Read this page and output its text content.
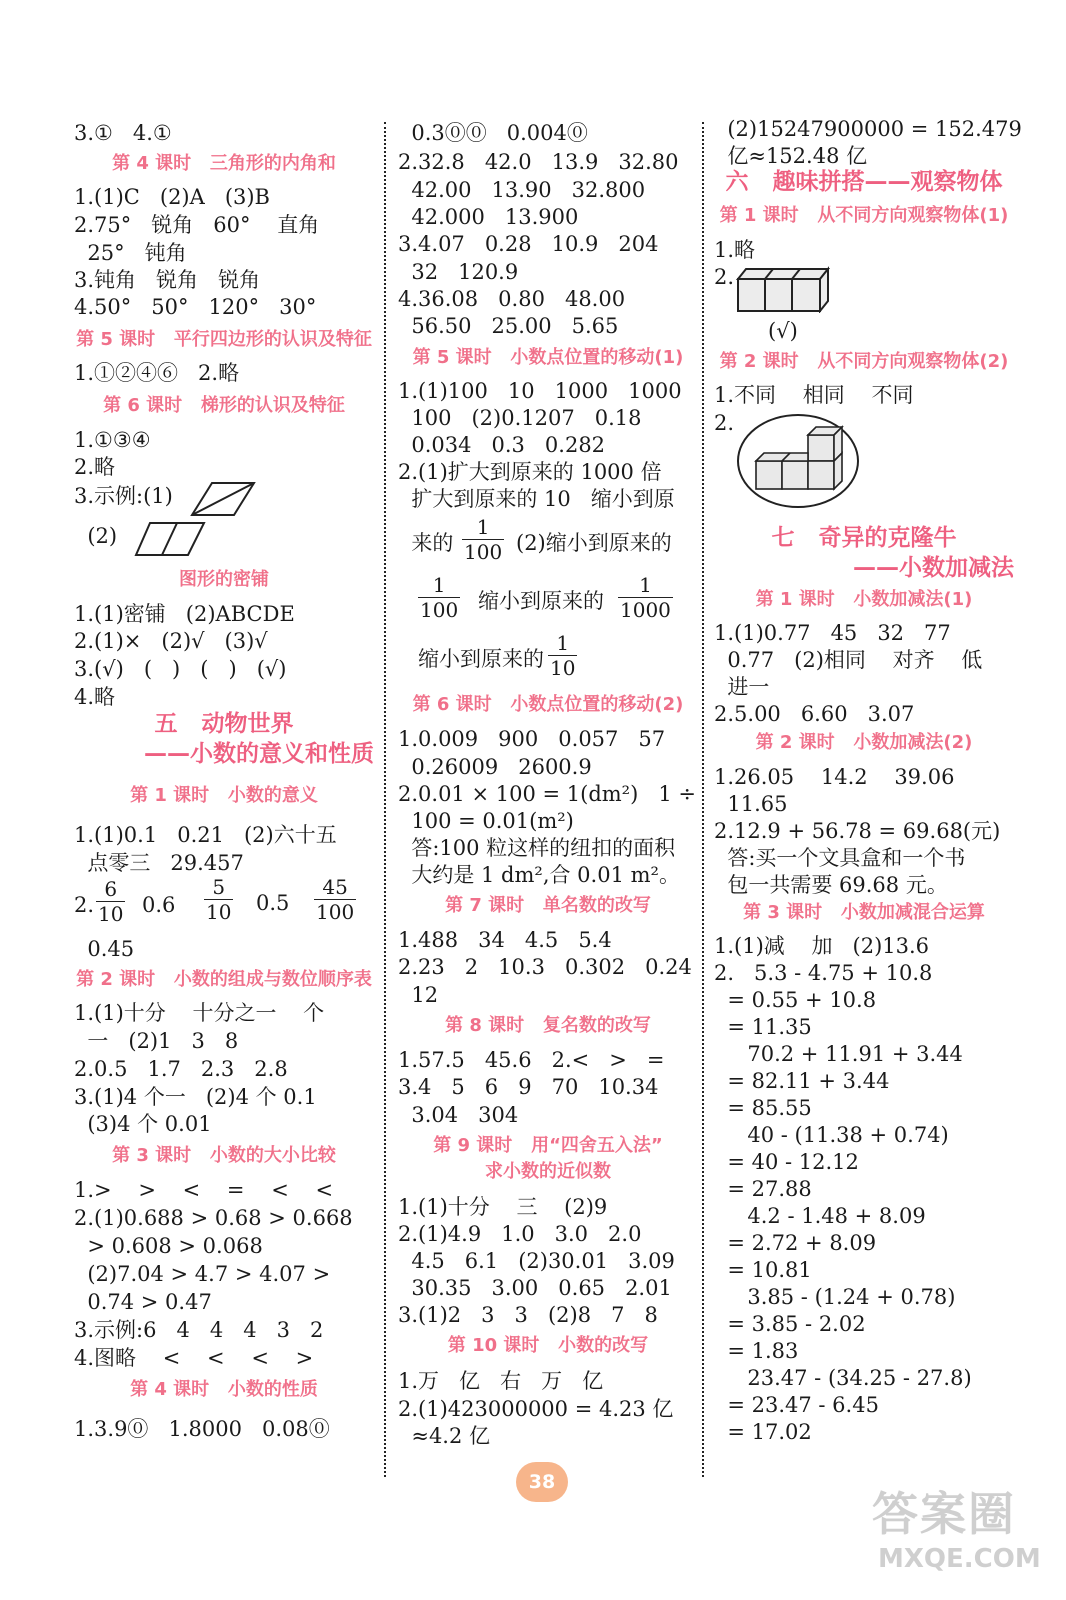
3.①   4.①
第 4 课时   三角形的内角和
1.(1)C   (2)A   (3)B
2.75°   锐角   60°    直角
25°   钝角
3.钝角   锐角   锐角
4.50°   50°   120°   30°
第 5 课时   平行四边形的认识及特征
1.①②④⑥   2.略
第 6 课时   梯形的认识及特征
1.①③④
2.略
3.示例:(1)
(2)
图形的密铺
1.(1)密铺   (2)ABCDE
2.(1)×   (2)√   (3)√
3.(√)   (   )   (   )   (√)
4.略
五   动物世界
——小数的意义和性质
第 1 课时   小数的意义
1.(1)0.1   0.21   (2)六十五
点零三   29.457
2. $\frac{6}{10} 0.6 \frac{5}{10} 0.5 \frac{45}{100}$
0.45
第 2 课时   小数的组成与数位顺序表
1.(1)十分    十分之一    个
一   (2)1   3   8
2.0.5   1.7   2.3   2.8
3.(1)4 个一   (2)4 个 0.1
(3)4 个 0.01
第 3 课时   小数的大小比较
1.>    >    <    =    <    <
2.(1)0.688 > 0.68 > 0.668
> 0.608 > 0.068
(2)7.04 > 4.7 > 4.07 >
0.74 > 0.47
3.示例:6   4   4   4   3   2
4.图略    <    <    <    >
第 4 课时   小数的性质
1.3.9⓪   1.8000   0.08⓪
0.3⓪⓪   0.004⓪
2.32.8   42.0   13.9   32.80
42.00   13.90   32.800
42.000   13.900
3.4.07   0.28   10.9   204
32   120.9
4.36.08   0.80   48.00
56.50   25.00   5.65
第 5 课时   小数点位置的移动(1)
1.(1)100   10   1000   1000
100   (2)0.1207   0.18
0.034   0.3   0.282
2.(1)扩大到原来的 1000 倍
扩大到原来的 10   缩小到原
来的 $\frac{1}{100} (2)$缩小到原来的
$\frac{1}{100}$ 缩小到原来的 $\frac{1}{1000}$
缩小到原来的 $\frac{1}{10}$
第 6 课时   小数点位置的移动(2)
1.0.009   900   0.057   57
0.26009   2600.9
2.0.01 × 100 = 1(dm²)   1 ÷
100 = 0.01(m²)
答:100 粒这样的纽扣的面积
大约是 1 dm²,合 0.01 m²。
第 7 课时   单名数的改写
1.488   34   4.5   5.4
2.23   2   10.3   0.302   0.24
12
第 8 课时   复名数的改写
1.57.5   45.6   2.<   >   =
3.4   5   6   9   70   10.34
3.04   304
第 9 课时   用“四舍五入法”
求小数的近似数
1.(1)十分    三    (2)9
2.(1)4.9   1.0   3.0   2.0
4.5   6.1   (2)30.01   3.09
30.35   3.00   0.65   2.01
3.(1)2   3   3   (2)8   7   8
第 10 课时   小数的改写
1.万   亿   右   万   亿
2.(1)423000000 = 4.23 亿
≈4.2 亿
(2)15247900000 = 152.479
亿≈152.48 亿
六   趣味拼搭——观察物体
第 1 课时   从不同方向观察物体(1)
1.略
2.
(√)
第 2 课时   从不同方向观察物体(2)
1.不同    相同    不同
2.
七   奇异的克隆牛
——小数加减法
第 1 课时   小数加减法(1)
1.(1)0.77   45   32   77
0.77   (2)相同    对齐    低
进一
2.5.00   6.60   3.07
第 2 课时   小数加减法(2)
1.26.05    14.2    39.06
11.65
2.12.9 + 56.78 = 69.68(元)
答:买一个文具盒和一个书
包一共需要 69.68 元。
第 3 课时   小数加减混合运算
1.(1)减    加   (2)13.6
2.   5.3 - 4.75 + 10.8
= 0.55 + 10.8
= 11.35
70.2 + 11.91 + 3.44
= 82.11 + 3.44
= 85.55
40 - (11.38 + 0.74)
= 40 - 12.12
= 27.88
4.2 - 1.48 + 8.09
= 2.72 + 8.09
= 10.81
3.85 - (1.24 + 0.78)
= 3.85 - 2.02
= 1.83
23.47 - (34.25 - 27.8)
= 23.47 - 6.45
= 17.02
38
答案圈
MXQE.COM
